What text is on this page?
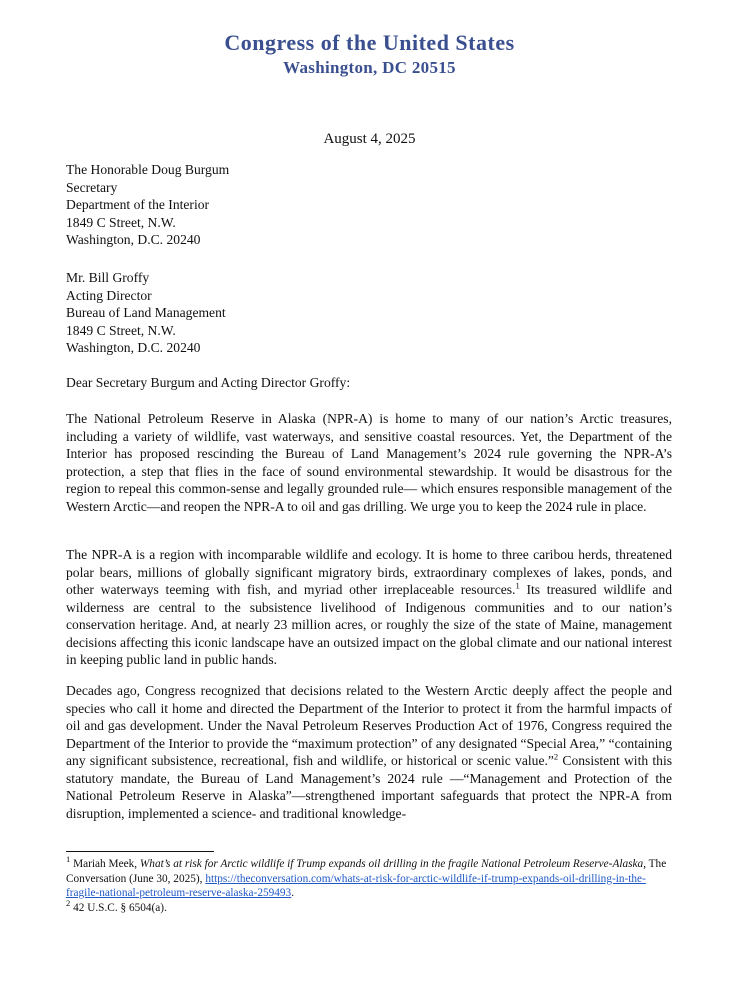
Congress of the United States
Washington, DC 20515
August 4, 2025
The Honorable Doug Burgum
Secretary
Department of the Interior
1849 C Street, N.W.
Washington, D.C. 20240
Mr. Bill Groffy
Acting Director
Bureau of Land Management
1849 C Street, N.W.
Washington, D.C. 20240
Dear Secretary Burgum and Acting Director Groffy:

The National Petroleum Reserve in Alaska (NPR-A) is home to many of our nation’s Arctic treasures, including a variety of wildlife, vast waterways, and sensitive coastal resources. Yet, the Department of the Interior has proposed rescinding the Bureau of Land Management’s 2024 rule governing the NPR-A’s protection, a step that flies in the face of sound environmental stewardship. It would be disastrous for the region to repeal this common-sense and legally grounded rule— which ensures responsible management of the Western Arctic—and reopen the NPR-A to oil and gas drilling. We urge you to keep the 2024 rule in place.

The NPR-A is a region with incomparable wildlife and ecology. It is home to three caribou herds, threatened polar bears, millions of globally significant migratory birds, extraordinary complexes of lakes, ponds, and other waterways teeming with fish, and myriad other irreplaceable resources.$^1$ Its treasured wildlife and wilderness are central to the subsistence livelihood of Indigenous communities and to our nation’s conservation heritage. And, at nearly 23 million acres, or roughly the size of the state of Maine, management decisions affecting this iconic landscape have an outsized impact on the global climate and our national interest in keeping public land in public hands.

Decades ago, Congress recognized that decisions related to the Western Arctic deeply affect the people and species who call it home and directed the Department of the Interior to protect it from the harmful impacts of oil and gas development. Under the Naval Petroleum Reserves Production Act of 1976, Congress required the Department of the Interior to provide the “maximum protection” of any designated “Special Area,” “containing any significant subsistence, recreational, fish and wildlife, or historical or scenic value.”$^2$ Consistent with this statutory mandate, the Bureau of Land Management’s 2024 rule —“Management and Protection of the National Petroleum Reserve in Alaska”—strengthened important safeguards that protect the NPR-A from disruption, implemented a science- and traditional knowledge-

$^1$ Mariah Meek, What’s at risk for Arctic wildlife if Trump expands oil drilling in the fragile National Petroleum Reserve-Alaska, The Conversation (June 30, 2025), https://theconversation.com/whats-at-risk-for-arctic-wildlife-if-trump-expands-oil-drilling-in-the-fragile-national-petroleum-reserve-alaska-259493.

$^2$ 42 U.S.C. § 6504(a).
